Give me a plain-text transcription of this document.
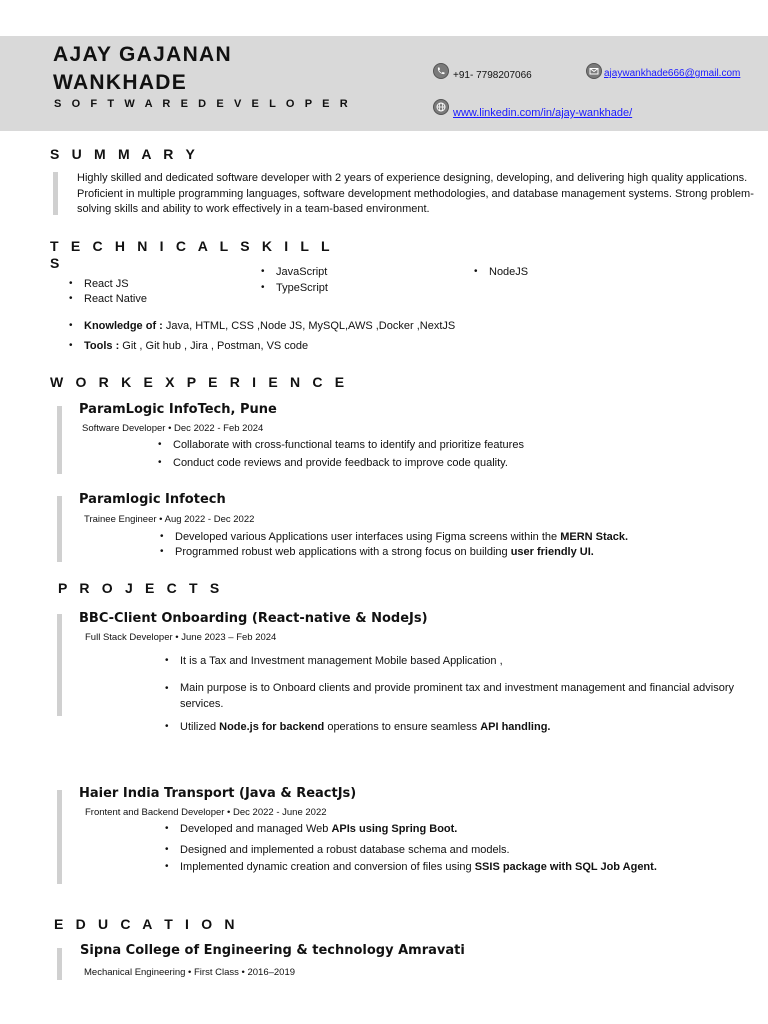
AJAY GAJANAN WANKHADE
S O F T W A R E D E V E L O P E R
+91- 7798207066	ajaywankhade666@gmail.com
www.linkedin.com/in/ajay-wankhade/
S U M M A R Y
Highly skilled and dedicated software developer with 2 years of experience designing, developing, and delivering high quality applications. Proficient in multiple programming languages, software development methodologies, and database management systems. Strong problem- solving skills and ability to work effectively in a team-based environment.
T E C H N I C A L S K I L L
S
• React JS
• React Native
• JavaScript
• TypeScript
• NodeJS
• Knowledge of : Java, HTML, CSS ,Node JS, MySQL,AWS ,Docker ,NextJS
• Tools : Git , Git hub , Jira , Postman, VS code
W O R K E X P E R I E N C E
ParamLogic InfoTech, Pune
Software Developer • Dec 2022 - Feb 2024
• Collaborate with cross-functional teams to identify and prioritize features
• Conduct code reviews and provide feedback to improve code quality.
Paramlogic Infotech
Trainee Engineer • Aug 2022 - Dec 2022
• Developed various Applications user interfaces using Figma screens within the MERN Stack.
• Programmed robust web applications with a strong focus on building user friendly UI.
P R O J E C T S
BBC-Client Onboarding (React-native & NodeJs)
Full Stack Developer • June 2023 – Feb 2024
• It is a Tax and Investment management Mobile based Application ,
• Main purpose is to Onboard clients and provide prominent tax and investment management and financial advisory services.
• Utilized Node.js for backend operations to ensure seamless API handling.
Haier India Transport (Java & ReactJs)
Frontent and Backend Developer • Dec 2022 - June 2022
• Developed and managed Web APIs using Spring Boot.
• Designed and implemented a robust database schema and models.
• Implemented dynamic creation and conversion of files using SSIS package with SQL Job Agent.
E D U C A T I O N
Sipna College of Engineering & technology Amravati
Mechanical Engineering • First Class • 2016–2019
